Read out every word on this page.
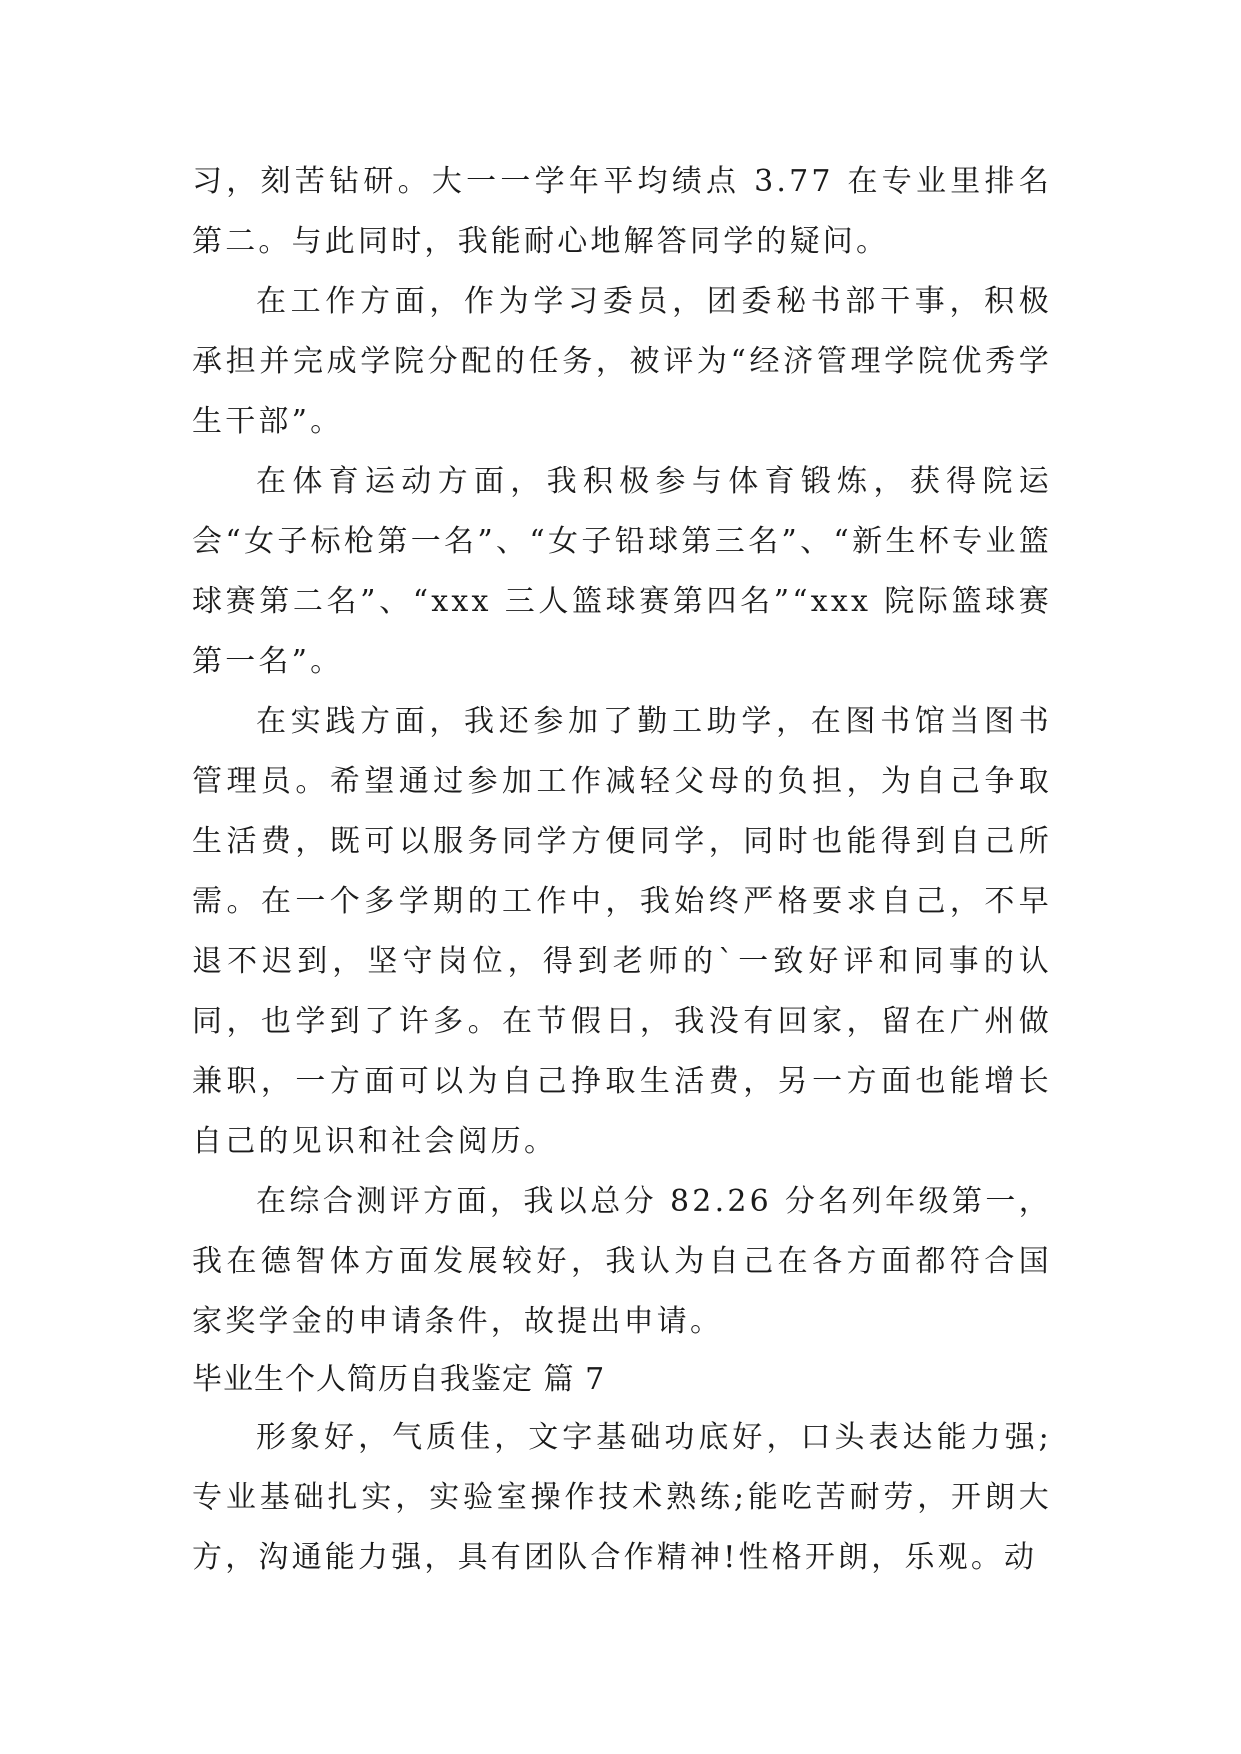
习，刻苦钻研。大一一学年平均绩点 3.77 在专业里排名第二。与此同时，我能耐心地解答同学的疑问。

在工作方面，作为学习委员，团委秘书部干事，积极承担并完成学院分配的任务，被评为“经济管理学院优秀学生干部”。

在体育运动方面，我积极参与体育锻炼，获得院运会“女子标枪第一名”、“女子铅球第三名”、“新生杯专业篮球赛第二名”、“xxx 三人篮球赛第四名”“xxx 院际篮球赛第一名”。

在实践方面，我还参加了勤工助学，在图书馆当图书管理员。希望通过参加工作减轻父母的负担，为自己争取生活费，既可以服务同学方便同学，同时也能得到自己所需。在一个多学期的工作中，我始终严格要求自己，不早退不迟到，坚守岗位，得到老师的`一致好评和同事的认同，也学到了许多。在节假日，我没有回家，留在广州做兼职，一方面可以为自己挣取生活费，另一方面也能增长自己的见识和社会阅历。

在综合测评方面，我以总分 82.26 分名列年级第一，我在德智体方面发展较好，我认为自己在各方面都符合国家奖学金的申请条件，故提出申请。

毕业生个人简历自我鉴定 篇 7

形象好，气质佳，文字基础功底好，口头表达能力强;专业基础扎实，实验室操作技术熟练;能吃苦耐劳，开朗大方，沟通能力强，具有团队合作精神!性格开朗，乐观。动
